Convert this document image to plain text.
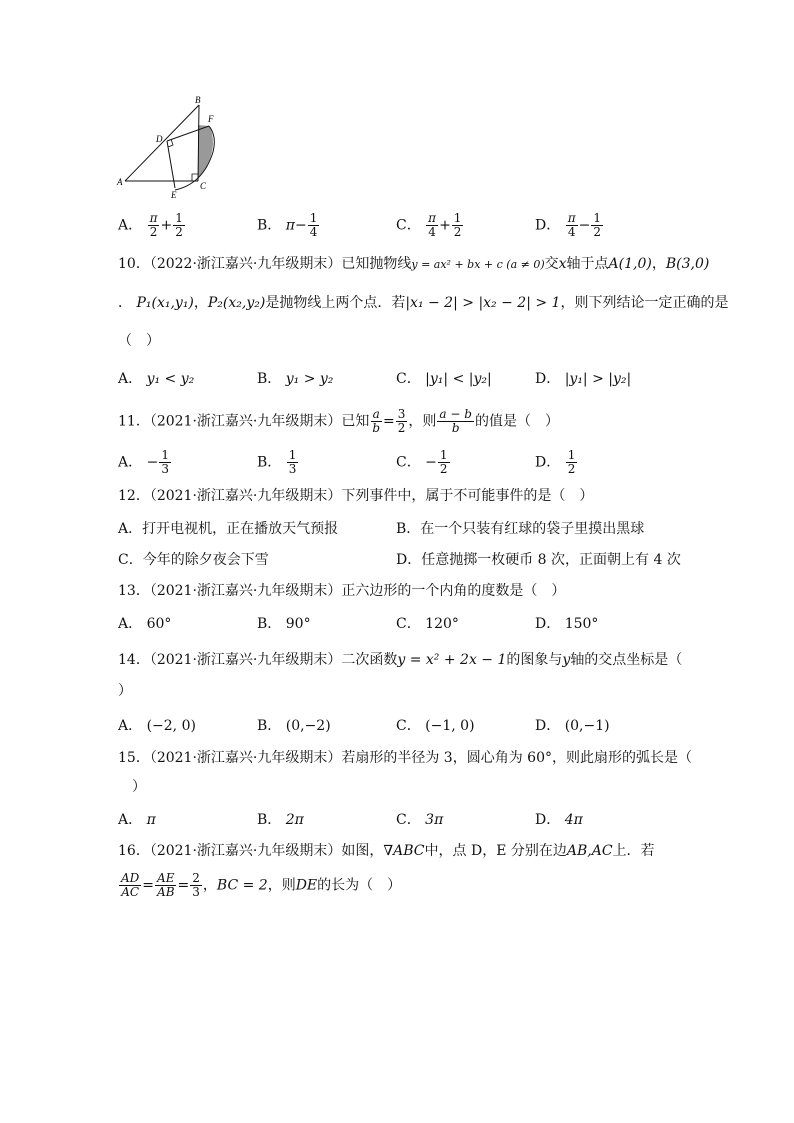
A
B
C
D
E
F
A． $\frac{\pi}{2} + \frac{1}{2}$	B． $\pi- \frac{1}{4}$	C． $\frac{\pi}{4} + \frac{1}{2}$	D． $\frac{\pi}{4} - \frac{1}{2}$
10．（2022·浙江嘉兴·九年级期末）已知抛物线y = ax² + bx + c (a ≠ 0)交x轴于点A(1,0)，B(3,0)
． P₁(x₁,y₁)，P₂(x₂,y₂)是抛物线上两个点．若|x₁ − 2| > |x₂ − 2| > 1，则下列结论一定正确的是
（　）
A． y₁ < y₂	B． y₁ > y₂	C． |y₁| < |y₂|	D． |y₁| > |y₂|
11．（2021·浙江嘉兴·九年级期末）已知 $\frac{a}{b} = \frac{3}{2}$ ，则 $\frac{a - b}{b}$ 的值是（　）
A． − $\frac{1}{3}$	B． $\frac{1}{3}$	C． − $\frac{1}{2}$	D． $\frac{1}{2}$
12．（2021·浙江嘉兴·九年级期末）下列事件中，属于不可能事件的是（　）
A．打开电视机，正在播放天气预报	B．在一个只装有红球的袋子里摸出黑球
C．今年的除夕夜会下雪	D．任意抛掷一枚硬币 8 次，正面朝上有 4 次
13．（2021·浙江嘉兴·九年级期末）正六边形的一个内角的度数是（　）
A． 60°	B． 90°	C． 120°	D． 150°
14．（2021·浙江嘉兴·九年级期末）二次函数y = x² + 2x − 1的图象与y轴的交点坐标是（
）
A． (−2, 0)	B． (0,−2)	C． (−1, 0)	D． (0,−1)
15．（2021·浙江嘉兴·九年级期末）若扇形的半径为 3，圆心角为 60°，则此扇形的弧长是（
）
A． π	B． 2π	C． 3π	D． 4π
16．（2021·浙江嘉兴·九年级期末）如图，∇ABC中，点 D，E 分别在边AB,AC上．若
$\frac{AD}{AC} = \frac{AE}{AB} = \frac{2}{3}$ ，BC = 2，则DE的长为（　）
